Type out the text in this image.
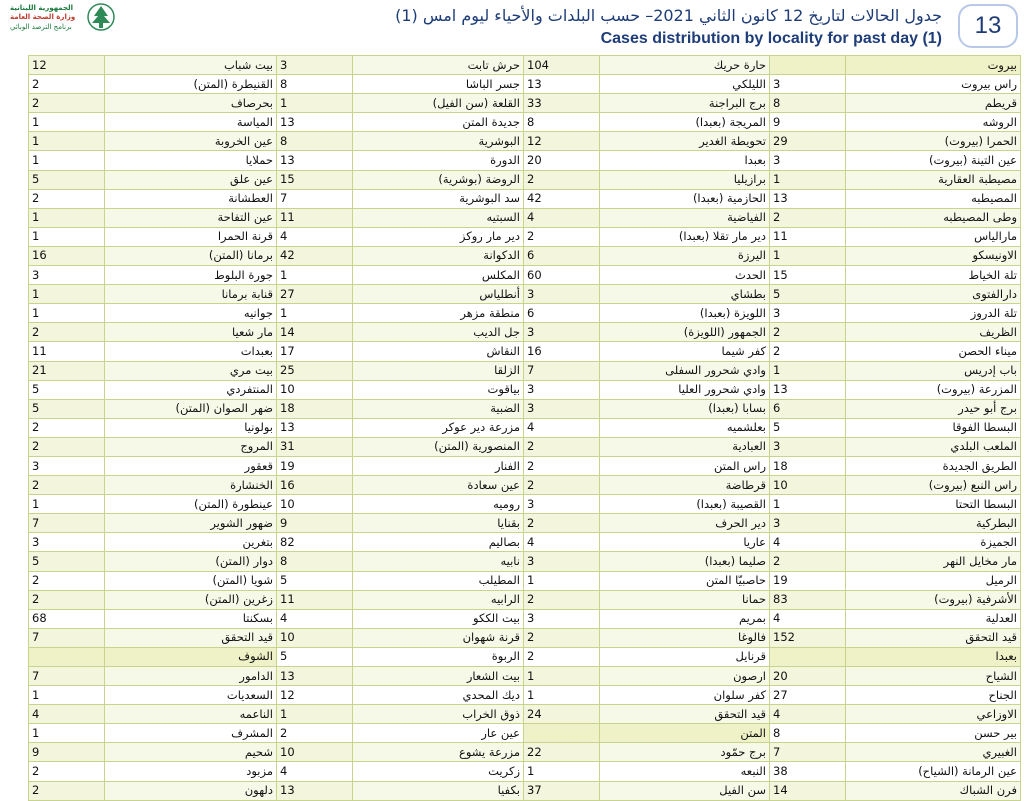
الجمهورية اللبنانية
وزارة الصحة العامة
برنامج الترصد الوبائي
جدول الحالات لتاريخ 12 كانون الثاني 2021– حسب البلدات والأحياء ليوم امس (1)
Cases distribution by locality for past day (1)	13
12	بيت شباب	3	حرش تابت	104	حارة حريك		بيروت
2	القنيطرة (المتن)	8	جسر الباشا	13	الليلكي	3	راس بيروت
2	بحرصاف	1	القلعة (سن الفيل)	33	برج البراجنة	8	قريطم
1	المياسة	13	جديدة المتن	8	المريجة (بعبدا)	9	الروشه
1	عين الخروبة	8	البوشرية	12	تحويطة الغدير	29	الحمرا (بيروت)
1	حملايا	13	الدورة	20	بعبدا	3	عين التينة (بيروت)
5	عين علق	15	الروضة (بوشرية)	2	برازيليا	1	مصيطبة العقارية
2	العطشانة	7	سد البوشرية	42	الحازمية (بعبدا)	13	المصيطبه
1	عين التفاحة	11	السبتيه	4	الفياضية	2	وطى المصيطبه
1	قرنة الحمرا	4	دير مار روكز	2	دير مار تقلا (بعبدا)	11	مارالياس
16	برمانا (المتن)	42	الدكوانة	6	اليرزة	1	الاونيسكو
3	جورة البلوط	1	المكلس	60	الحدث	15	تلة الخياط
1	قنابة برمانا	27	أنطلياس	3	بطشاي	5	دارالفتوى
1	جوانيه	1	منطقة مزهر	6	اللويزة (بعبدا)	3	تلة الدروز
2	مار شعيا	14	جل الديب	3	الجمهور (اللويزة)	2	الظريف
11	بعبدات	17	النقاش	16	كفر شيما	2	ميناء الحصن
21	بيت مري	25	الزلقا	7	وادي شحرور السفلى	1	باب إدريس
5	المنتفردي	10	بياقوت	3	وادي شحرور العليا	13	المزرعة (بيروت)
5	ضهر الصوان (المتن)	18	الضبية	3	بسابا (بعبدا)	6	برج أبو حيدر
2	بولونيا	13	مزرعة دير عوكر	4	بعلشميه	5	البسطا الفوقا
2	المروج	31	المنصورية (المتن)	2	العبادية	3	الملعب البلدي
3	قعقور	19	الفنار	2	راس المتن	18	الطريق الجديدة
2	الخنشارة	16	عين سعادة	2	قرطاضة	10	راس النبع (بيروت)
1	عينطورة (المتن)	10	روميه	3	القصيبة (بعبدا)	1	البسطا التحتا
7	ضهور الشوير	9	بقنايا	2	دير الحرف	3	البطركية
3	بتغرين	82	بصاليم	4	عاريا	4	الجميزة
5	دوار (المتن)	8	نابيه	3	صليما (بعبدا)	2	مار مخايل النهر
2	شويا (المتن)	5	المطيلب	1	حاصبيّا المتن	19	الرميل
2	زغرين (المتن)	11	الرابيه	2	حمانا	83	الأشرفية (بيروت)
68	بسكنتا	4	بيت الككو	3	بمريم	4	العدلية
7	قيد التحقق	10	قرنة شهوان	2	فالوغا	152	قيد التحقق
	الشوف	5	الربوة	2	قرنايل		بعبدا
7	الدامور	13	بيت الشعار	1	ارصون	20	الشياح
1	السعديات	12	ديك المحدي	1	كفر سلوان	27	الجناح
4	الناعمه	1	ذوق الخراب	24	قيد التحقق	4	الاوزاعي
1	المشرف	2	عين عار		المتن	8	بير حسن
9	شحيم	10	مزرعة يشوع	22	برج حمّود	7	الغبيري
2	مزبود	4	زكريت	1	النبعه	38	عين الرمانة (الشياح)
2	دلهون	13	بكفيا	37	سن الفيل	14	فرن الشباك
